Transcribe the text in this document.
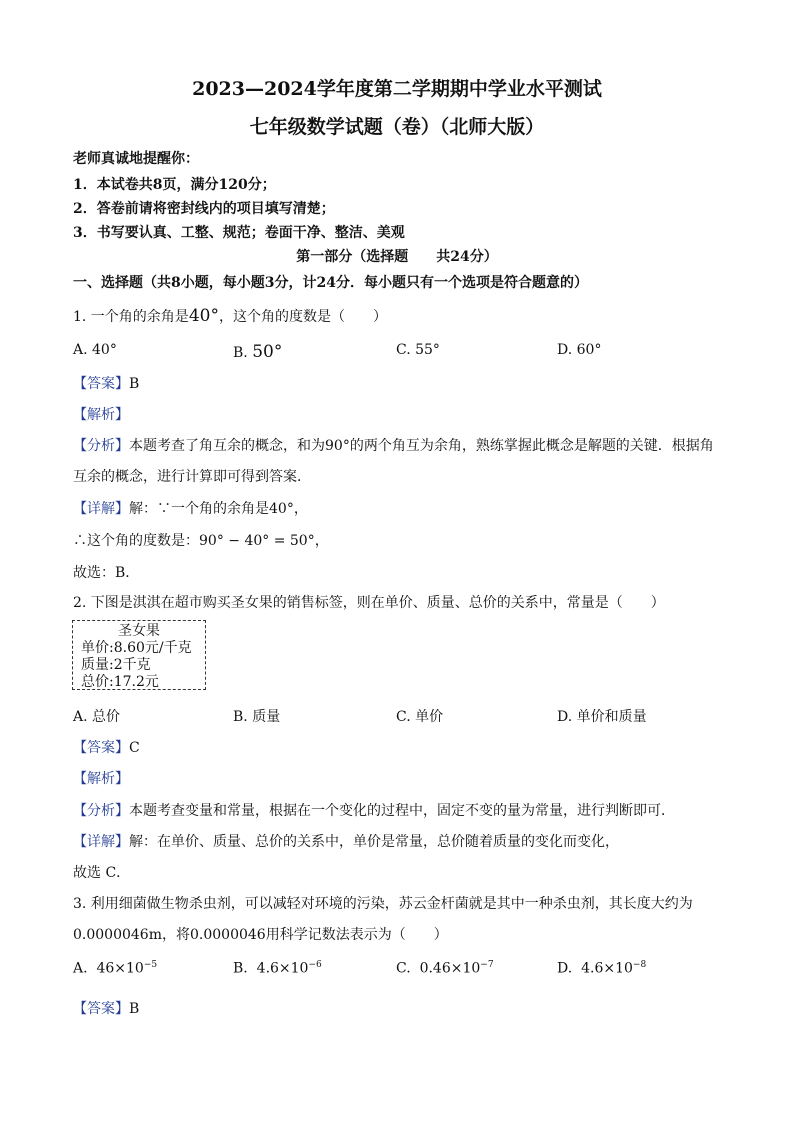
2023—2024学年度第二学期期中学业水平测试
七年级数学试题（卷）（北师大版）
老师真诚地提醒你：
1．本试卷共8页，满分120分；
2．答卷前请将密封线内的项目填写清楚；
3．书写要认真、工整、规范；卷面干净、整洁、美观
第一部分（选择题　　共24分）
一、选择题（共8小题，每小题3分，计24分．每小题只有一个选项是符合题意的）
1. 一个角的余角是40°，这个角的度数是（　　）
A. 40°	B. 50°	C. 55°	D. 60°
【答案】B
【解析】
【分析】本题考查了角互余的概念，和为90°的两个角互为余角，熟练掌握此概念是解题的关键．根据角
互余的概念，进行计算即可得到答案．
【详解】解：∵一个角的余角是40°，
∴这个角的度数是：90° − 40° = 50°，
故选：B．
2. 下图是淇淇在超市购买圣女果的销售标签，则在单价、质量、总价的关系中，常量是（　　）
圣女果
单价:8.60元/千克
质量:2千克
总价:17.2元
A. 总价	B. 质量	C. 单价	D. 单价和质量
【答案】C
【解析】
【分析】本题考查变量和常量，根据在一个变化的过程中，固定不变的量为常量，进行判断即可．
【详解】解：在单价、质量、总价的关系中，单价是常量，总价随着质量的变化而变化，
故选 C．
3. 利用细菌做生物杀虫剂，可以减轻对环境的污染，苏云金杆菌就是其中一种杀虫剂，其长度大约为
0.0000046m，将0.0000046用科学记数法表示为（　　）
A. $46\times 10^{-5}$	B. $4.6\times 10^{-6}$	C. $0.46\times 10^{-7}$	D. $4.6\times 10^{-8}$
【答案】B
